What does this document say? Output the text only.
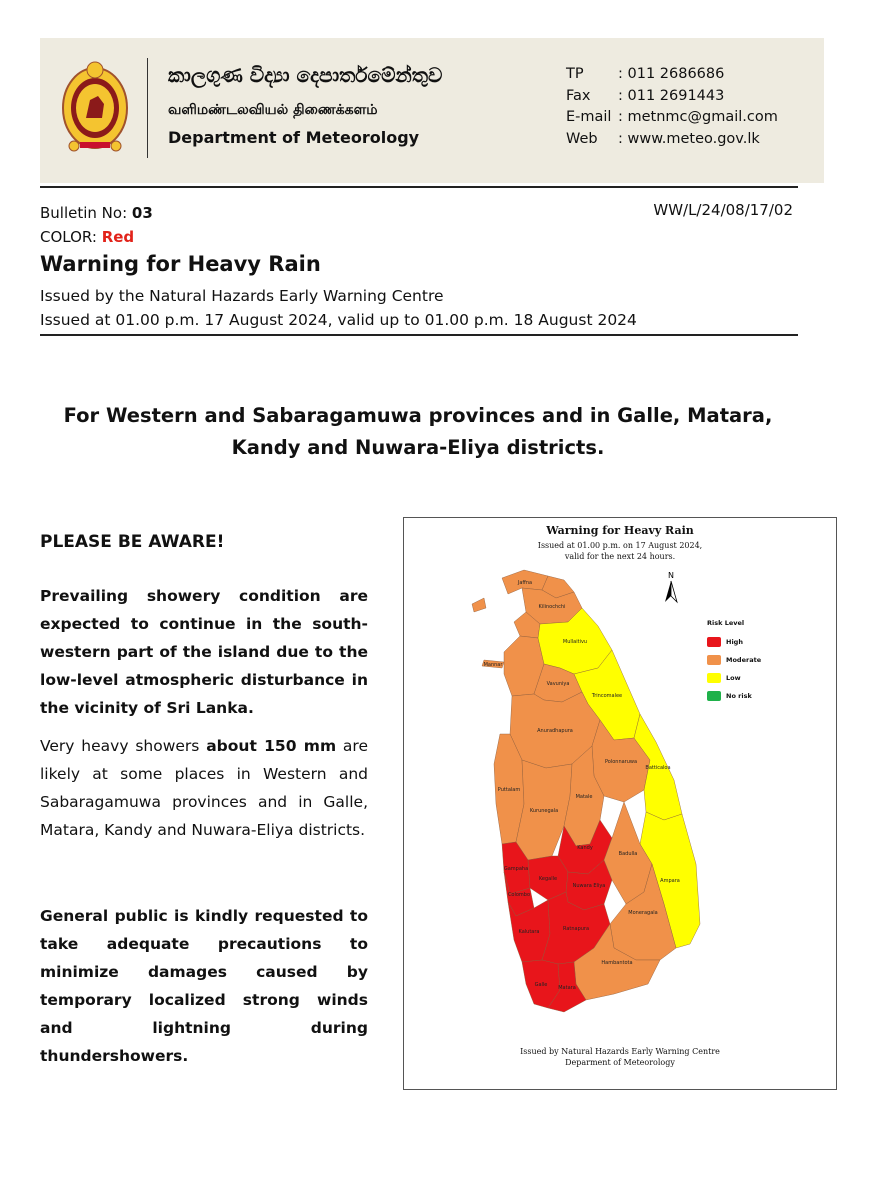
කාලගුණ විද්‍යා දෙපාර්තමේන්තුව
வளிமண்டலவியல் திணைக்களம்
Department of Meteorology
TP : 011 2686686
Fax : 011 2691443
E-mail : metnmc@gmail.com
Web : www.meteo.gov.lk
Bulletin No: 03
COLOR: Red
WW/L/24/08/17/02
Warning for Heavy Rain
Issued by the Natural Hazards Early Warning Centre
Issued at 01.00 p.m. 17 August 2024, valid up to 01.00 p.m. 18 August 2024
For Western and Sabaragamuwa provinces and in Galle, Matara,
Kandy and Nuwara-Eliya districts.
PLEASE BE AWARE!
Prevailing showery condition are expected to continue in the south-western part of the island due to the low-level atmospheric disturbance in the vicinity of Sri Lanka.
Very heavy showers about 150 mm are likely at some places in Western and Sabaragamuwa provinces and in Galle, Matara, Kandy and Nuwara-Eliya districts.
General public is kindly requested to take adequate precautions to minimize damages caused by temporary localized strong winds and lightning during thundershowers.
Warning for Heavy Rain
Issued at 01.00 p.m. on 17 August 2024,
valid for the next 24 hours.
N
Risk Level
High
Moderate
Low
No risk
Jaffna
Kilinochchi
Mannar
Mullaitivu
Vavuniya
Trincomalee
Anuradhapura
Puttalam
Polonnaruwa
Batticaloa
Kurunegala
Matale
Kandy
Ampara
Gampaha
Kegalle
Nuwara Eliya
Badulla
Colombo
Moneragala
Kalutara	Ratnapura
Hambantota
Galle Matara
Issued by Natural Hazards Early Warning Centre
Deparment of Meteorology
